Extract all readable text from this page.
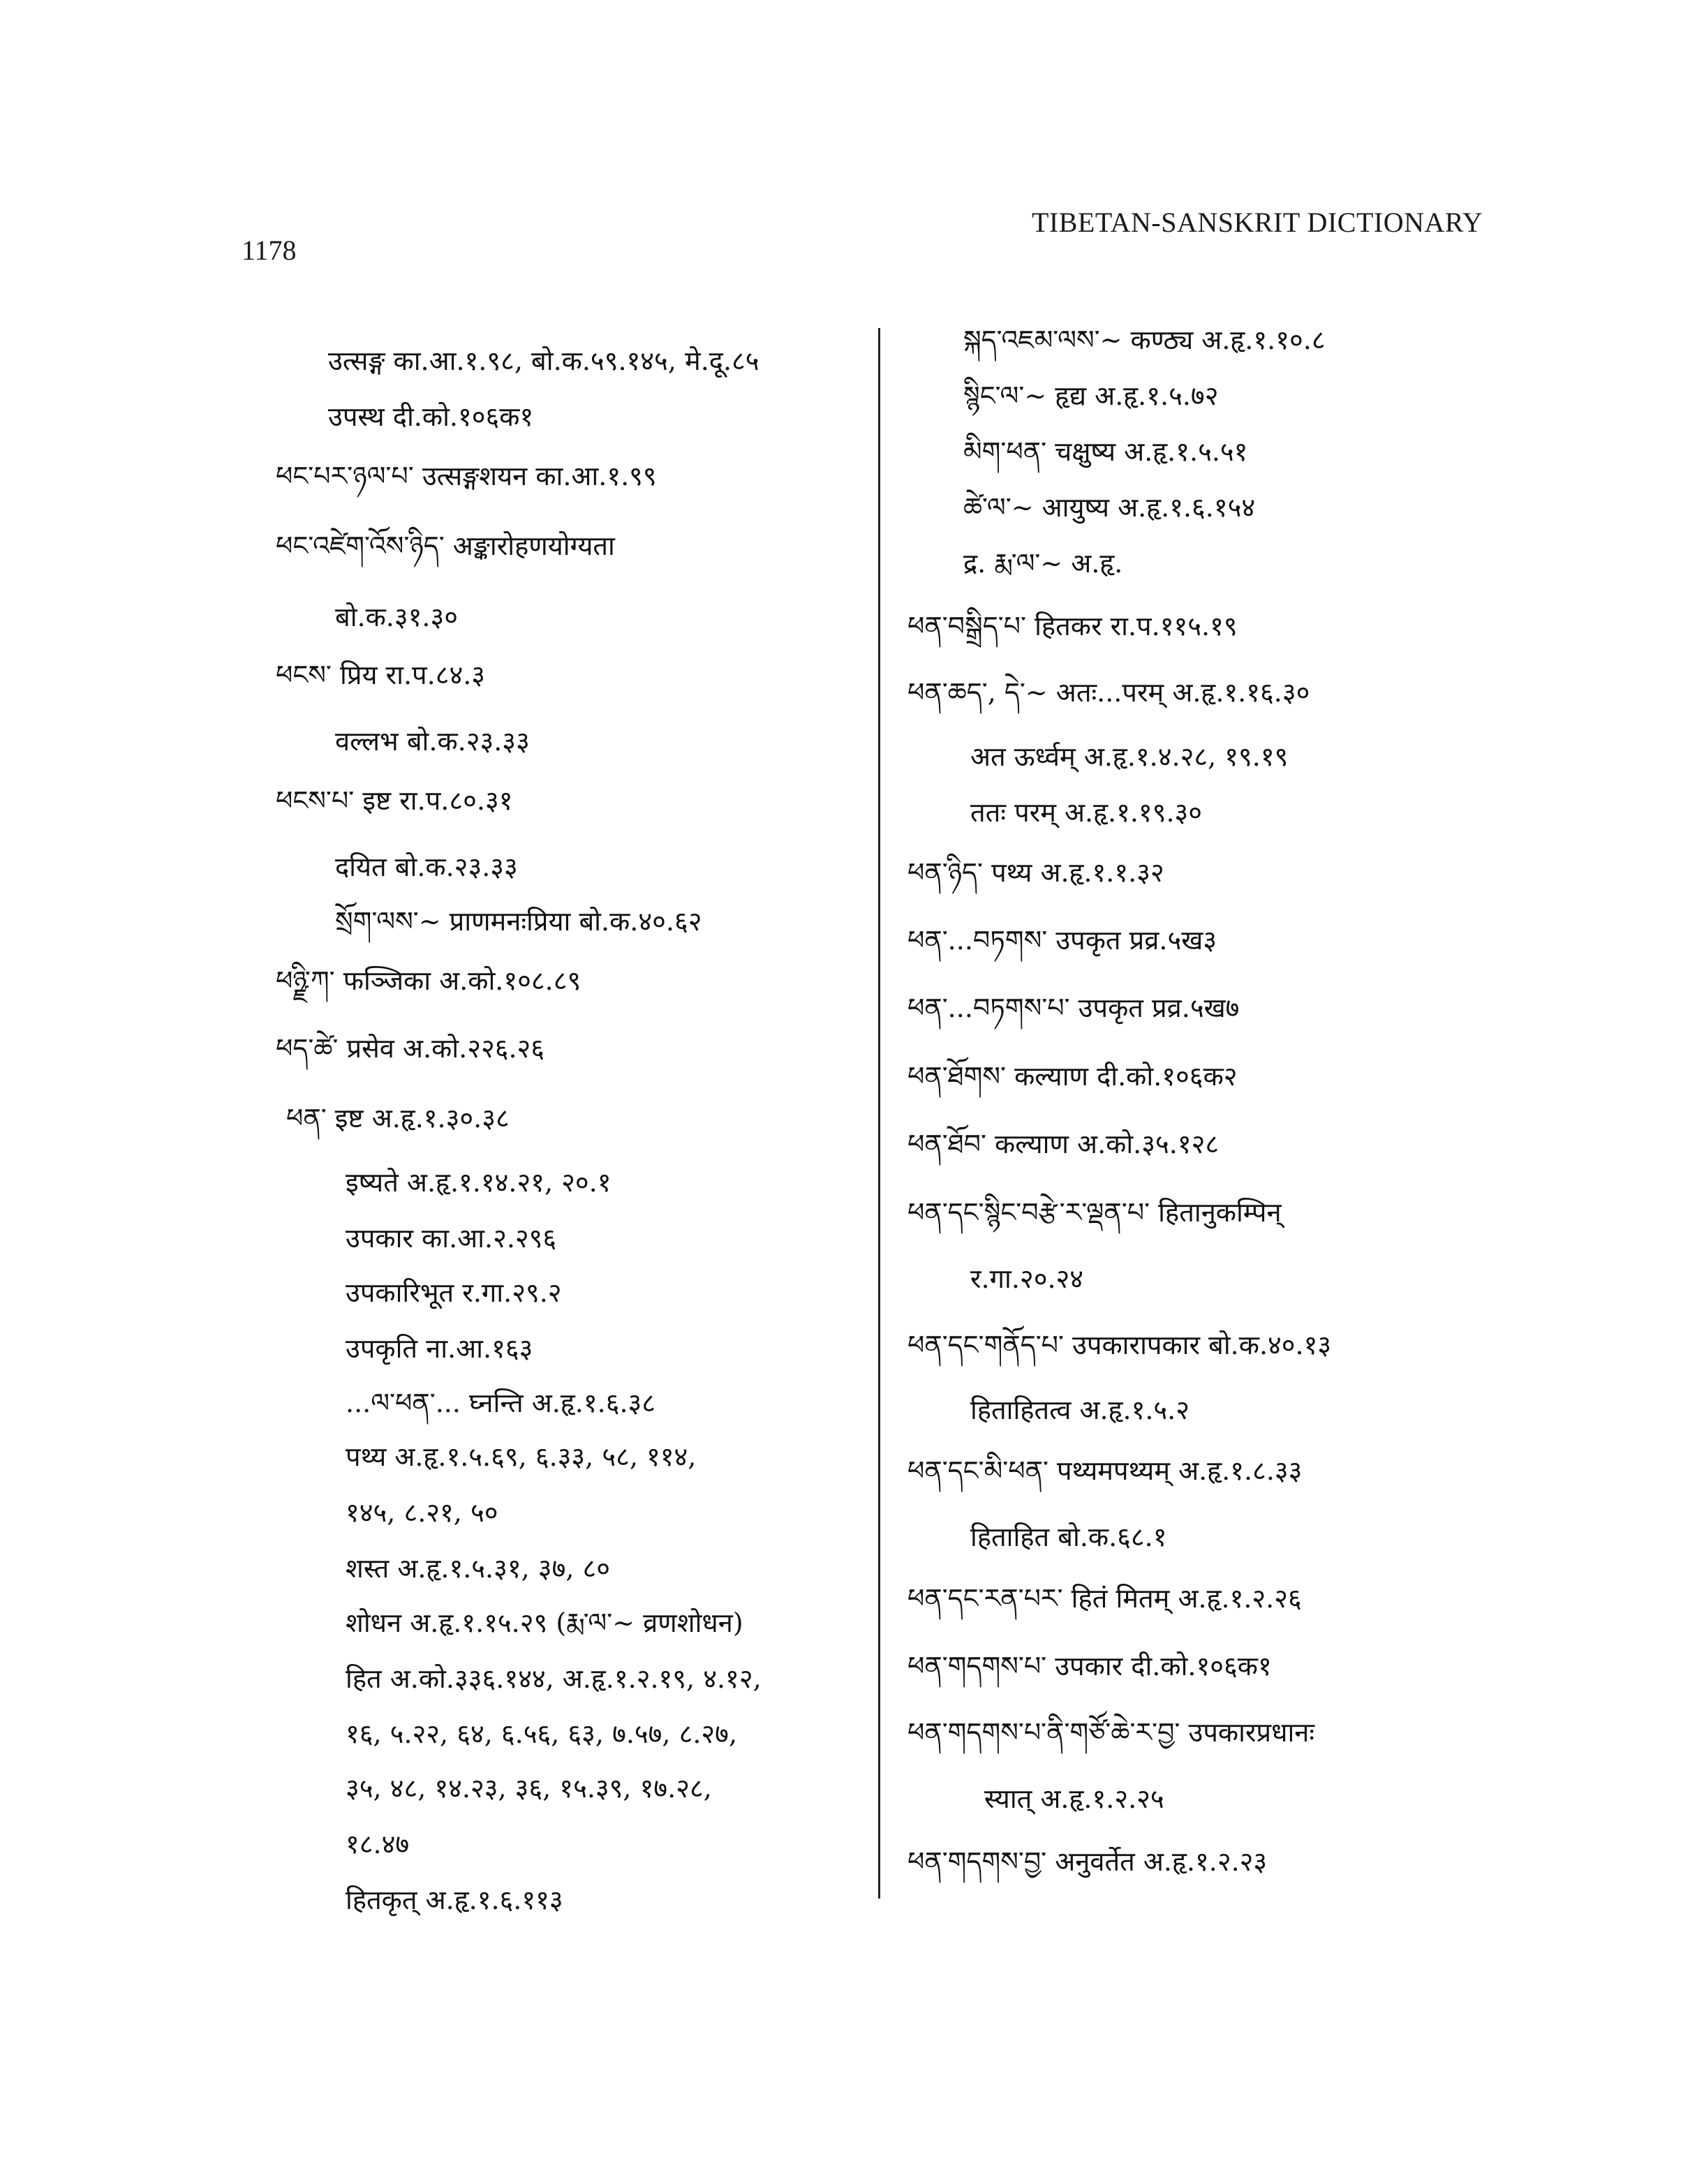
1178
TIBETAN-SANSKRIT DICTIONARY
उत्सङ्ग का.आ.१.९८, बो.क.५९.१४५, मे.दू.८५
उपस्थ दी.को.१०६क१
ཕང་པར་ཉལ་པ་ उत्सङ्गशयन का.आ.१.९९
ཕང་འཛེག་འོས་ཉིད་ अङ्कारोहणयोग्यता
बो.क.३१.३०
ཕངས་ प्रिय रा.प.८४.३
वल्लभ बो.क.२३.३३
ཕངས་པ་ इष्ट रा.प.८०.३१
दयित बो.क.२३.३३
སྲོག་ལས་~ प्राणमनःप्रिया बो.क.४०.६२
ཕཉྫི་ཀ་ फञ्जिका अ.को.१०८.८९
ཕད་ཚེ་ प्रसेव अ.को.२२६.२६
ཕན་ इष्ट अ.हृ.१.३०.३८
इष्यते अ.हृ.१.१४.२१, २०.१
उपकार का.आ.२.२९६
उपकारिभूत र.गा.२९.२
उपकृति ना.आ.१६३
...ལ་ཕན་... घ्नन्ति अ.हृ.१.६.३८
पथ्य अ.हृ.१.५.६९, ६.३३, ५८, ११४,
१४५, ८.२१, ५०
शस्त अ.हृ.१.५.३१, ३७, ८०
शोधन अ.हृ.१.१५.२९ (རྨ་ལ་~ व्रणशोधन)
हित अ.को.३३६.१४४, अ.हृ.१.२.१९, ४.१२,
१६, ५.२२, ६४, ६.५६, ६३, ७.५७, ८.२७,
३५, ४८, १४.२३, ३६, १५.३९, १७.२८,
१८.४७
हितकृत् अ.हृ.१.६.११३
སྐད་འཇམ་ལས་~ कण्ठ्य अ.हृ.१.१०.८
སྙིང་ལ་~ हृद्य अ.हृ.१.५.७२
མིག་ཕན་ चक्षुष्य अ.हृ.१.५.५१
ཚེ་ལ་~ आयुष्य अ.हृ.१.६.१५४
द्र. རྨ་ལ་~ अ.हृ.
ཕན་བསྒྲིད་པ་ हितकर रा.प.११५.१९
ཕན་ཆད་, དེ་~ अतः...परम् अ.हृ.१.१६.३०
अत ऊर्ध्वम् अ.हृ.१.४.२८, १९.१९
ततः परम् अ.हृ.१.१९.३०
ཕན་ཉིད་ पथ्य अ.हृ.१.१.३२
ཕན་...བཏགས་ उपकृत प्रव्र.५ख३
ཕན་...བཏགས་པ་ उपकृत प्रव्र.५ख७
ཕན་ཐོགས་ कल्याण दी.को.१०६क२
ཕན་ཐོབ་ कल्याण अ.को.३५.१२८
ཕན་དང་སྙིང་བརྩེ་ར་ལྡན་པ་ हितानुकम्पिन्
र.गा.२०.२४
ཕན་དང་གནོད་པ་ उपकारापकार बो.क.४०.१३
हिताहितत्व अ.हृ.१.५.२
ཕན་དང་མི་ཕན་ पथ्यमपथ्यम् अ.हृ.१.८.३३
हिताहित बो.क.६८.१
ཕན་དང་རན་པར་ हितं मितम् अ.हृ.१.२.२६
ཕན་གདགས་པ་ उपकार दी.को.१०६क१
ཕན་གདགས་པ་ནི་གཙོ་ཆེ་ར་བྱ་ उपकारप्रधानः
स्यात् अ.हृ.१.२.२५
ཕན་གདགས་བྱ་ अनुवर्तेत अ.हृ.१.२.२३
